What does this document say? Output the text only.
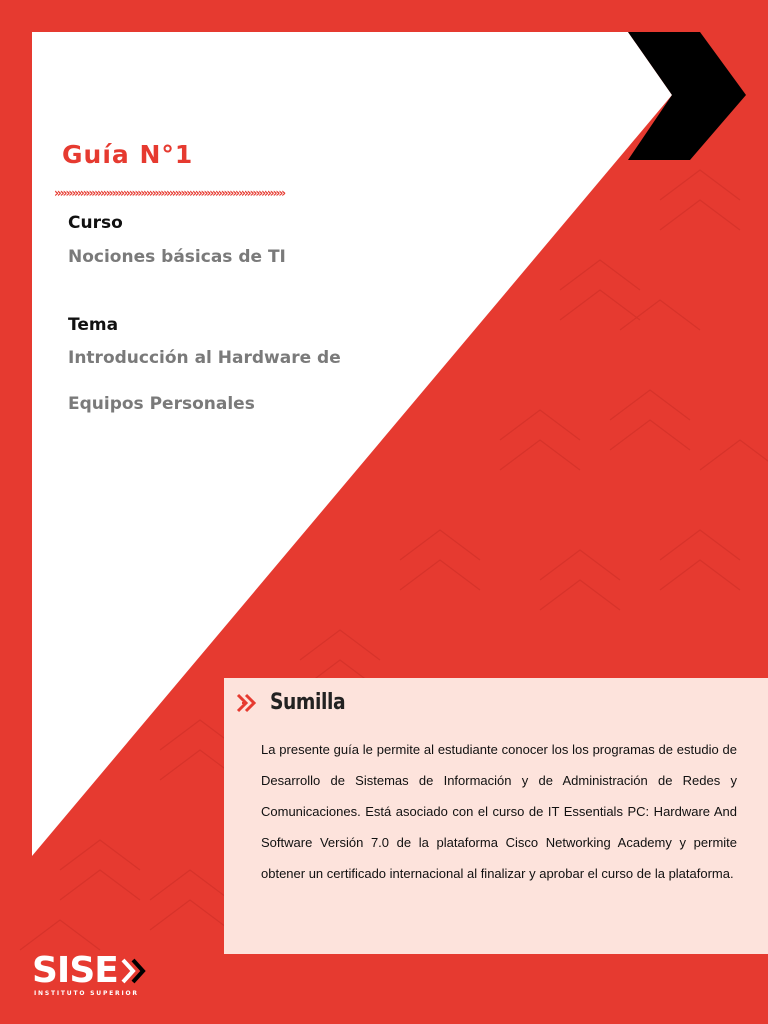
Guía N°1
»»»»»»»»»»»»»»»»»»»»»»»»»»»»»»»»»»»»»»»»
Curso
Nociones básicas de TI
Tema
Introducción al Hardware de
Equipos Personales
Sumilla
La presente guía le permite al estudiante conocer los los programas de estudio de Desarrollo de Sistemas de Información y de Administración de Redes y Comunicaciones. Está asociado con el curso de IT Essentials PC: Hardware And Software Versión 7.0 de la plataforma Cisco Networking Academy y permite obtener un certificado internacional al finalizar y aprobar el curso de la plataforma.
SISE
INSTITUTO SUPERIOR
